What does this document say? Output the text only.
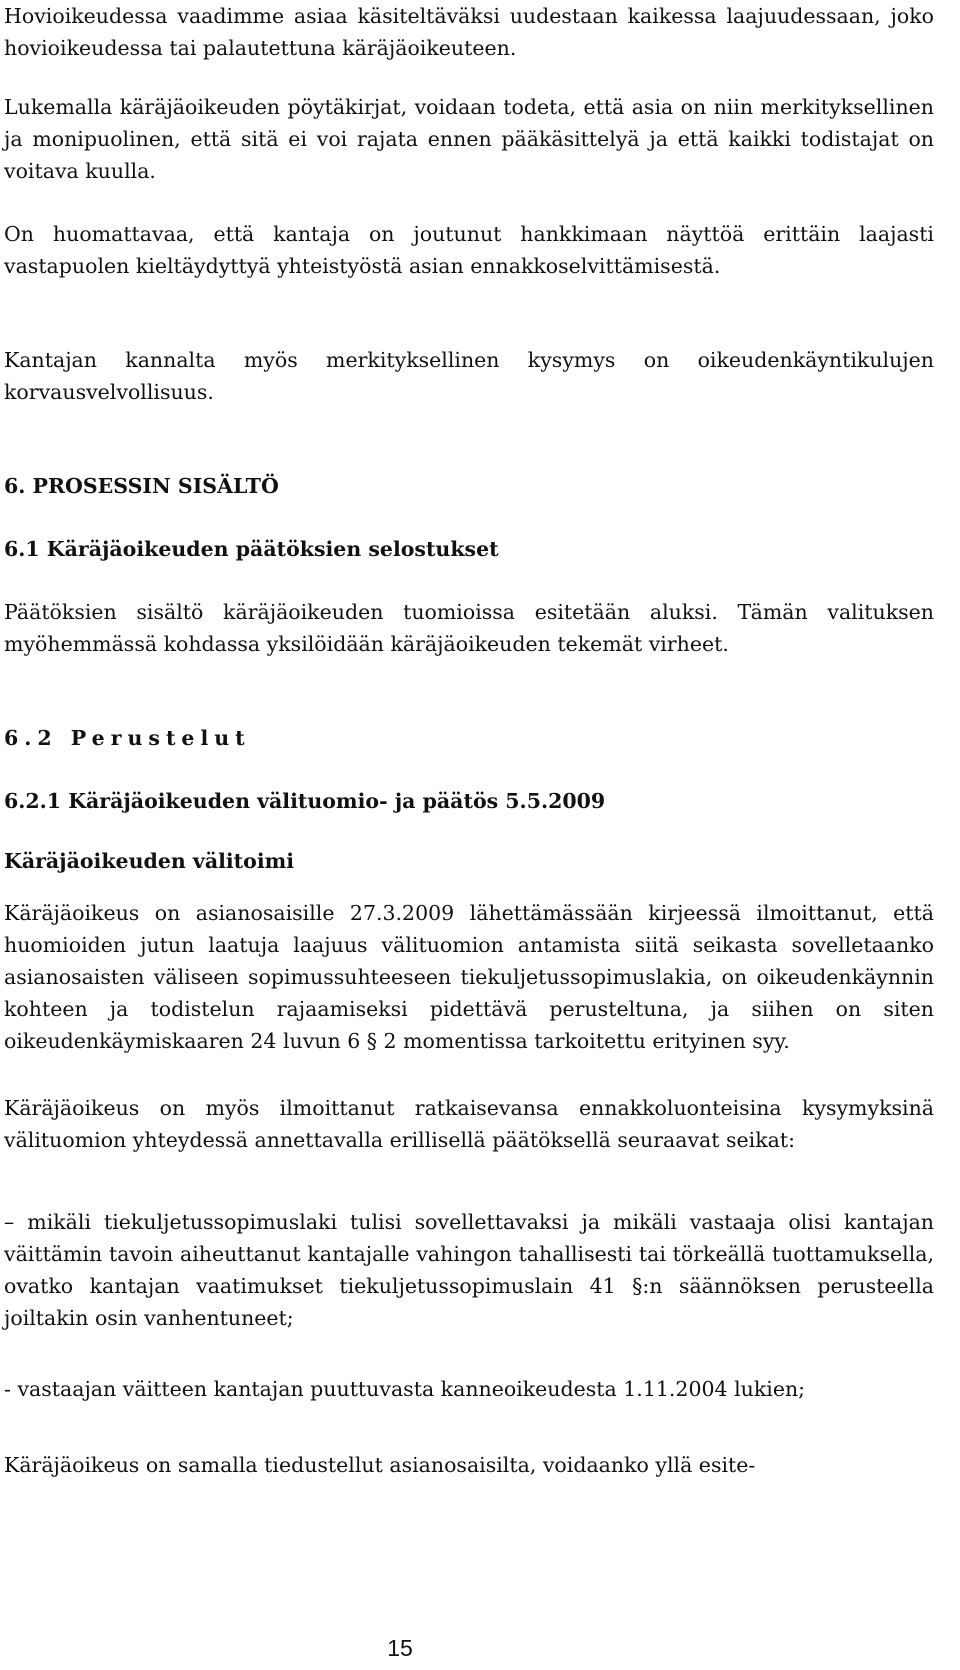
Hovioikeudessa vaadimme asiaa käsiteltäväksi uudestaan kaikessa laajuudessaan, joko hovioikeudessa tai palautettuna käräjäoikeuteen.

Lukemalla käräjäoikeuden pöytäkirjat, voidaan todeta, että asia on niin merkityksellinen ja monipuolinen, että sitä ei voi rajata ennen pääkäsittelyä ja että kaikki todistajat on voitava kuulla.

On huomattavaa, että kantaja on joutunut hankkimaan näyttöä erittäin laajasti vastapuolen kieltäydyttyä yhteistyöstä asian ennakkoselvittämisestä.

Kantajan kannalta myös merkityksellinen kysymys on oikeudenkäyntikulujen korvausvelvollisuus.

6. PROSESSIN SISÄLTÖ
6.1 Käräjäoikeuden päätöksien selostukset

Päätöksien sisältö käräjäoikeuden tuomioissa esitetään aluksi. Tämän valituksen myöhemmässä kohdassa yksilöidään käräjäoikeuden tekemät virheet.

6.2 Perustelut
6.2.1 Käräjäoikeuden välituomio- ja päätös 5.5.2009
Käräjäoikeuden välitoimi

Käräjäoikeus on asianosaisille 27.3.2009 lähettämässään kirjeessä ilmoittanut, että huomioiden jutun laatuja laajuus välituomion antamista siitä seikasta sovelletaanko asianosaisten väliseen sopimussuhteeseen tiekuljetussopimuslakia, on oikeudenkäynnin kohteen ja todistelun rajaamiseksi pidettävä perusteltuna, ja siihen on siten oikeudenkäymiskaaren 24 luvun 6 § 2 momentissa tarkoitettu erityinen syy.

Käräjäoikeus on myös ilmoittanut ratkaisevansa ennakkoluonteisina kysymyksinä välituomion yhteydessä annettavalla erillisellä päätöksellä seuraavat seikat:

– mikäli tiekuljetussopimuslaki tulisi sovellettavaksi ja mikäli vastaaja olisi kantajan väittämin tavoin aiheuttanut kantajalle vahingon tahallisesti tai törkeällä tuottamuksella, ovatko kantajan vaatimukset tiekuljetussopimuslain 41 §:n säännöksen perusteella joiltakin osin vanhentuneet;

- vastaajan väitteen kantajan puuttuvasta kanneoikeudesta 1.11.2004 lukien;

Käräjäoikeus on samalla tiedustellut asianosaisilta, voidaanko yllä esite-

15
